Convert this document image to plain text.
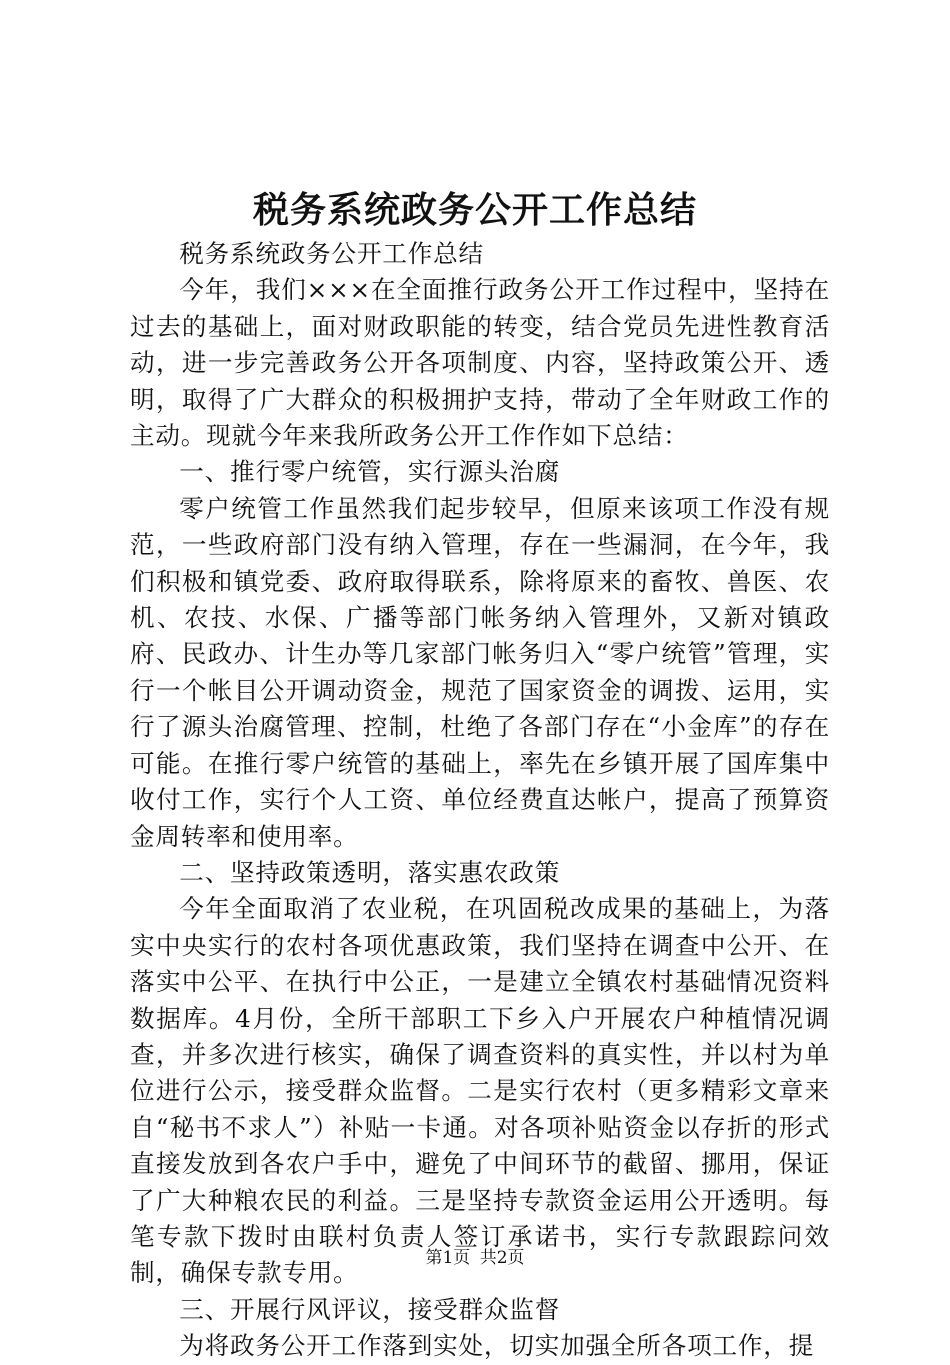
税务系统政务公开工作总结

税务系统政务公开工作总结

今年，我们×××在全面推行政务公开工作过程中，坚持在过去的基础上，面对财政职能的转变，结合党员先进性教育活动，进一步完善政务公开各项制度、内容，坚持政策公开、透明，取得了广大群众的积极拥护支持，带动了全年财政工作的主动。现就今年来我所政务公开工作作如下总结：

一、推行零户统管，实行源头治腐

零户统管工作虽然我们起步较早，但原来该项工作没有规范，一些政府部门没有纳入管理，存在一些漏洞，在今年，我们积极和镇党委、政府取得联系，除将原来的畜牧、兽医、农机、农技、水保、广播等部门帐务纳入管理外，又新对镇政府、民政办、计生办等几家部门帐务归入“零户统管”管理，实行一个帐目公开调动资金，规范了国家资金的调拨、运用，实行了源头治腐管理、控制，杜绝了各部门存在“小金库”的存在可能。在推行零户统管的基础上，率先在乡镇开展了国库集中收付工作，实行个人工资、单位经费直达帐户，提高了预算资金周转率和使用率。

二、坚持政策透明，落实惠农政策

今年全面取消了农业税，在巩固税改成果的基础上，为落实中央实行的农村各项优惠政策，我们坚持在调查中公开、在落实中公平、在执行中公正，一是建立全镇农村基础情况资料数据库。4月份，全所干部职工下乡入户开展农户种植情况调查，并多次进行核实，确保了调查资料的真实性，并以村为单位进行公示，接受群众监督。二是实行农村（更多精彩文章来自“秘书不求人”）补贴一卡通。对各项补贴资金以存折的形式直接发放到各农户手中，避免了中间环节的截留、挪用，保证了广大种粮农民的利益。三是坚持专款资金运用公开透明。每笔专款下拨时由联村负责人签订承诺书，实行专款跟踪问效制，确保专款专用。

三、开展行风评议，接受群众监督

为将政务公开工作落到实处，切实加强全所各项工作，提

第1页 共2页
